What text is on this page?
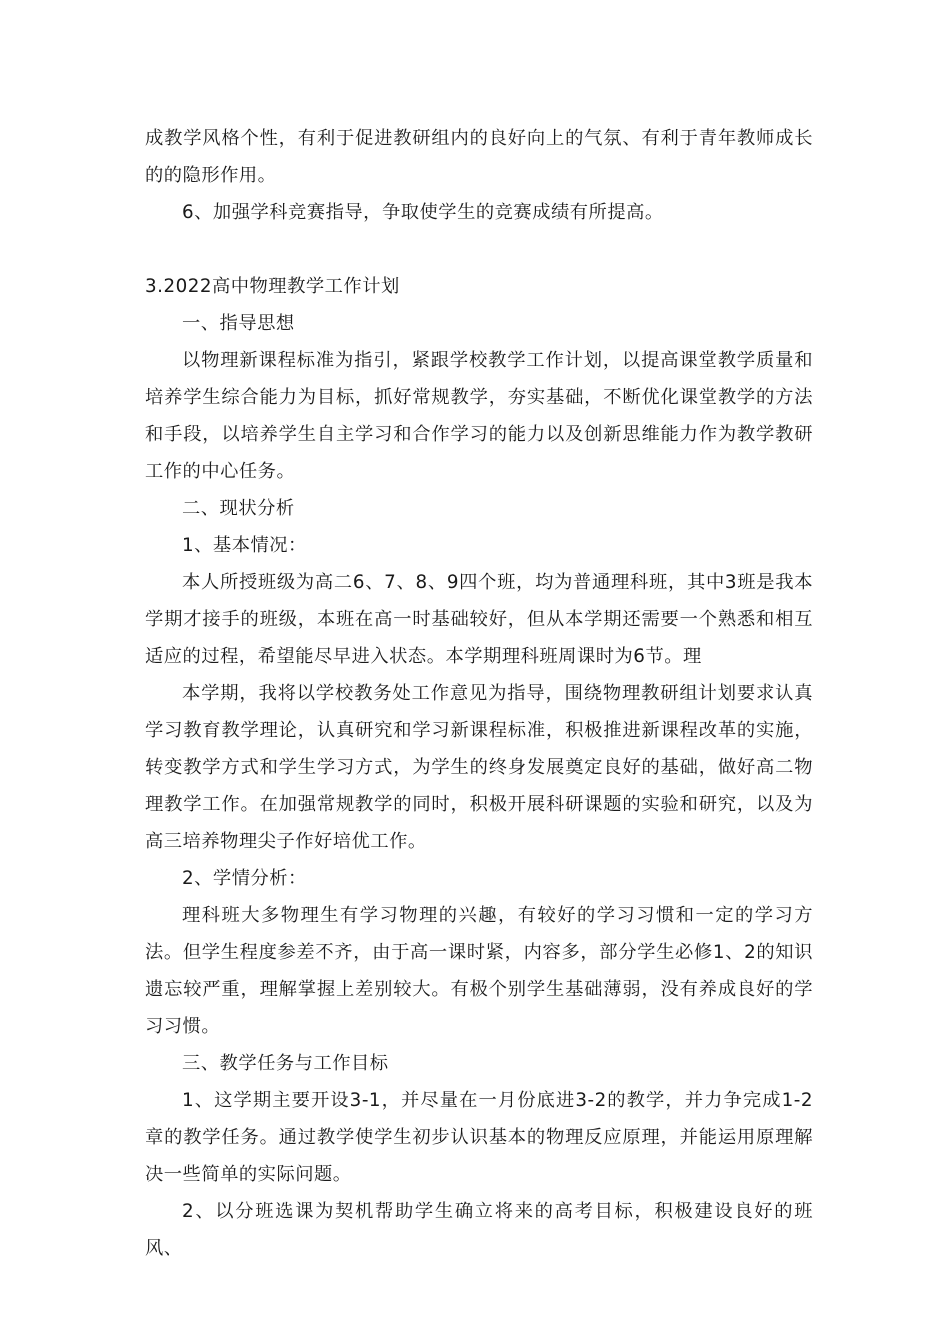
成教学风格个性，有利于促进教研组内的良好向上的气氛、有利于青年教师成长的的隐形作用。

6、加强学科竞赛指导，争取使学生的竞赛成绩有所提高。

3.2022高中物理教学工作计划

一、指导思想

以物理新课程标准为指引，紧跟学校教学工作计划，以提高课堂教学质量和培养学生综合能力为目标，抓好常规教学，夯实基础，不断优化课堂教学的方法和手段，以培养学生自主学习和合作学习的能力以及创新思维能力作为教学教研工作的中心任务。

二、现状分析

1、基本情况：

本人所授班级为高二6、7、8、9四个班，均为普通理科班，其中3班是我本学期才接手的班级，本班在高一时基础较好，但从本学期还需要一个熟悉和相互适应的过程，希望能尽早进入状态。本学期理科班周课时为6节。理

本学期，我将以学校教务处工作意见为指导，围绕物理教研组计划要求认真学习教育教学理论，认真研究和学习新课程标准，积极推进新课程改革的实施，转变教学方式和学生学习方式，为学生的终身发展奠定良好的基础，做好高二物理教学工作。在加强常规教学的同时，积极开展科研课题的实验和研究，以及为高三培养物理尖子作好培优工作。

2、学情分析：

理科班大多物理生有学习物理的兴趣，有较好的学习习惯和一定的学习方法。但学生程度参差不齐，由于高一课时紧，内容多，部分学生必修1、2的知识遗忘较严重，理解掌握上差别较大。有极个别学生基础薄弱，没有养成良好的学习习惯。

三、教学任务与工作目标

1、这学期主要开设3-1，并尽量在一月份底进3-2的教学，并力争完成1-2章的教学任务。通过教学使学生初步认识基本的物理反应原理，并能运用原理解决一些简单的实际问题。

2、以分班选课为契机帮助学生确立将来的高考目标，积极建设良好的班风、
